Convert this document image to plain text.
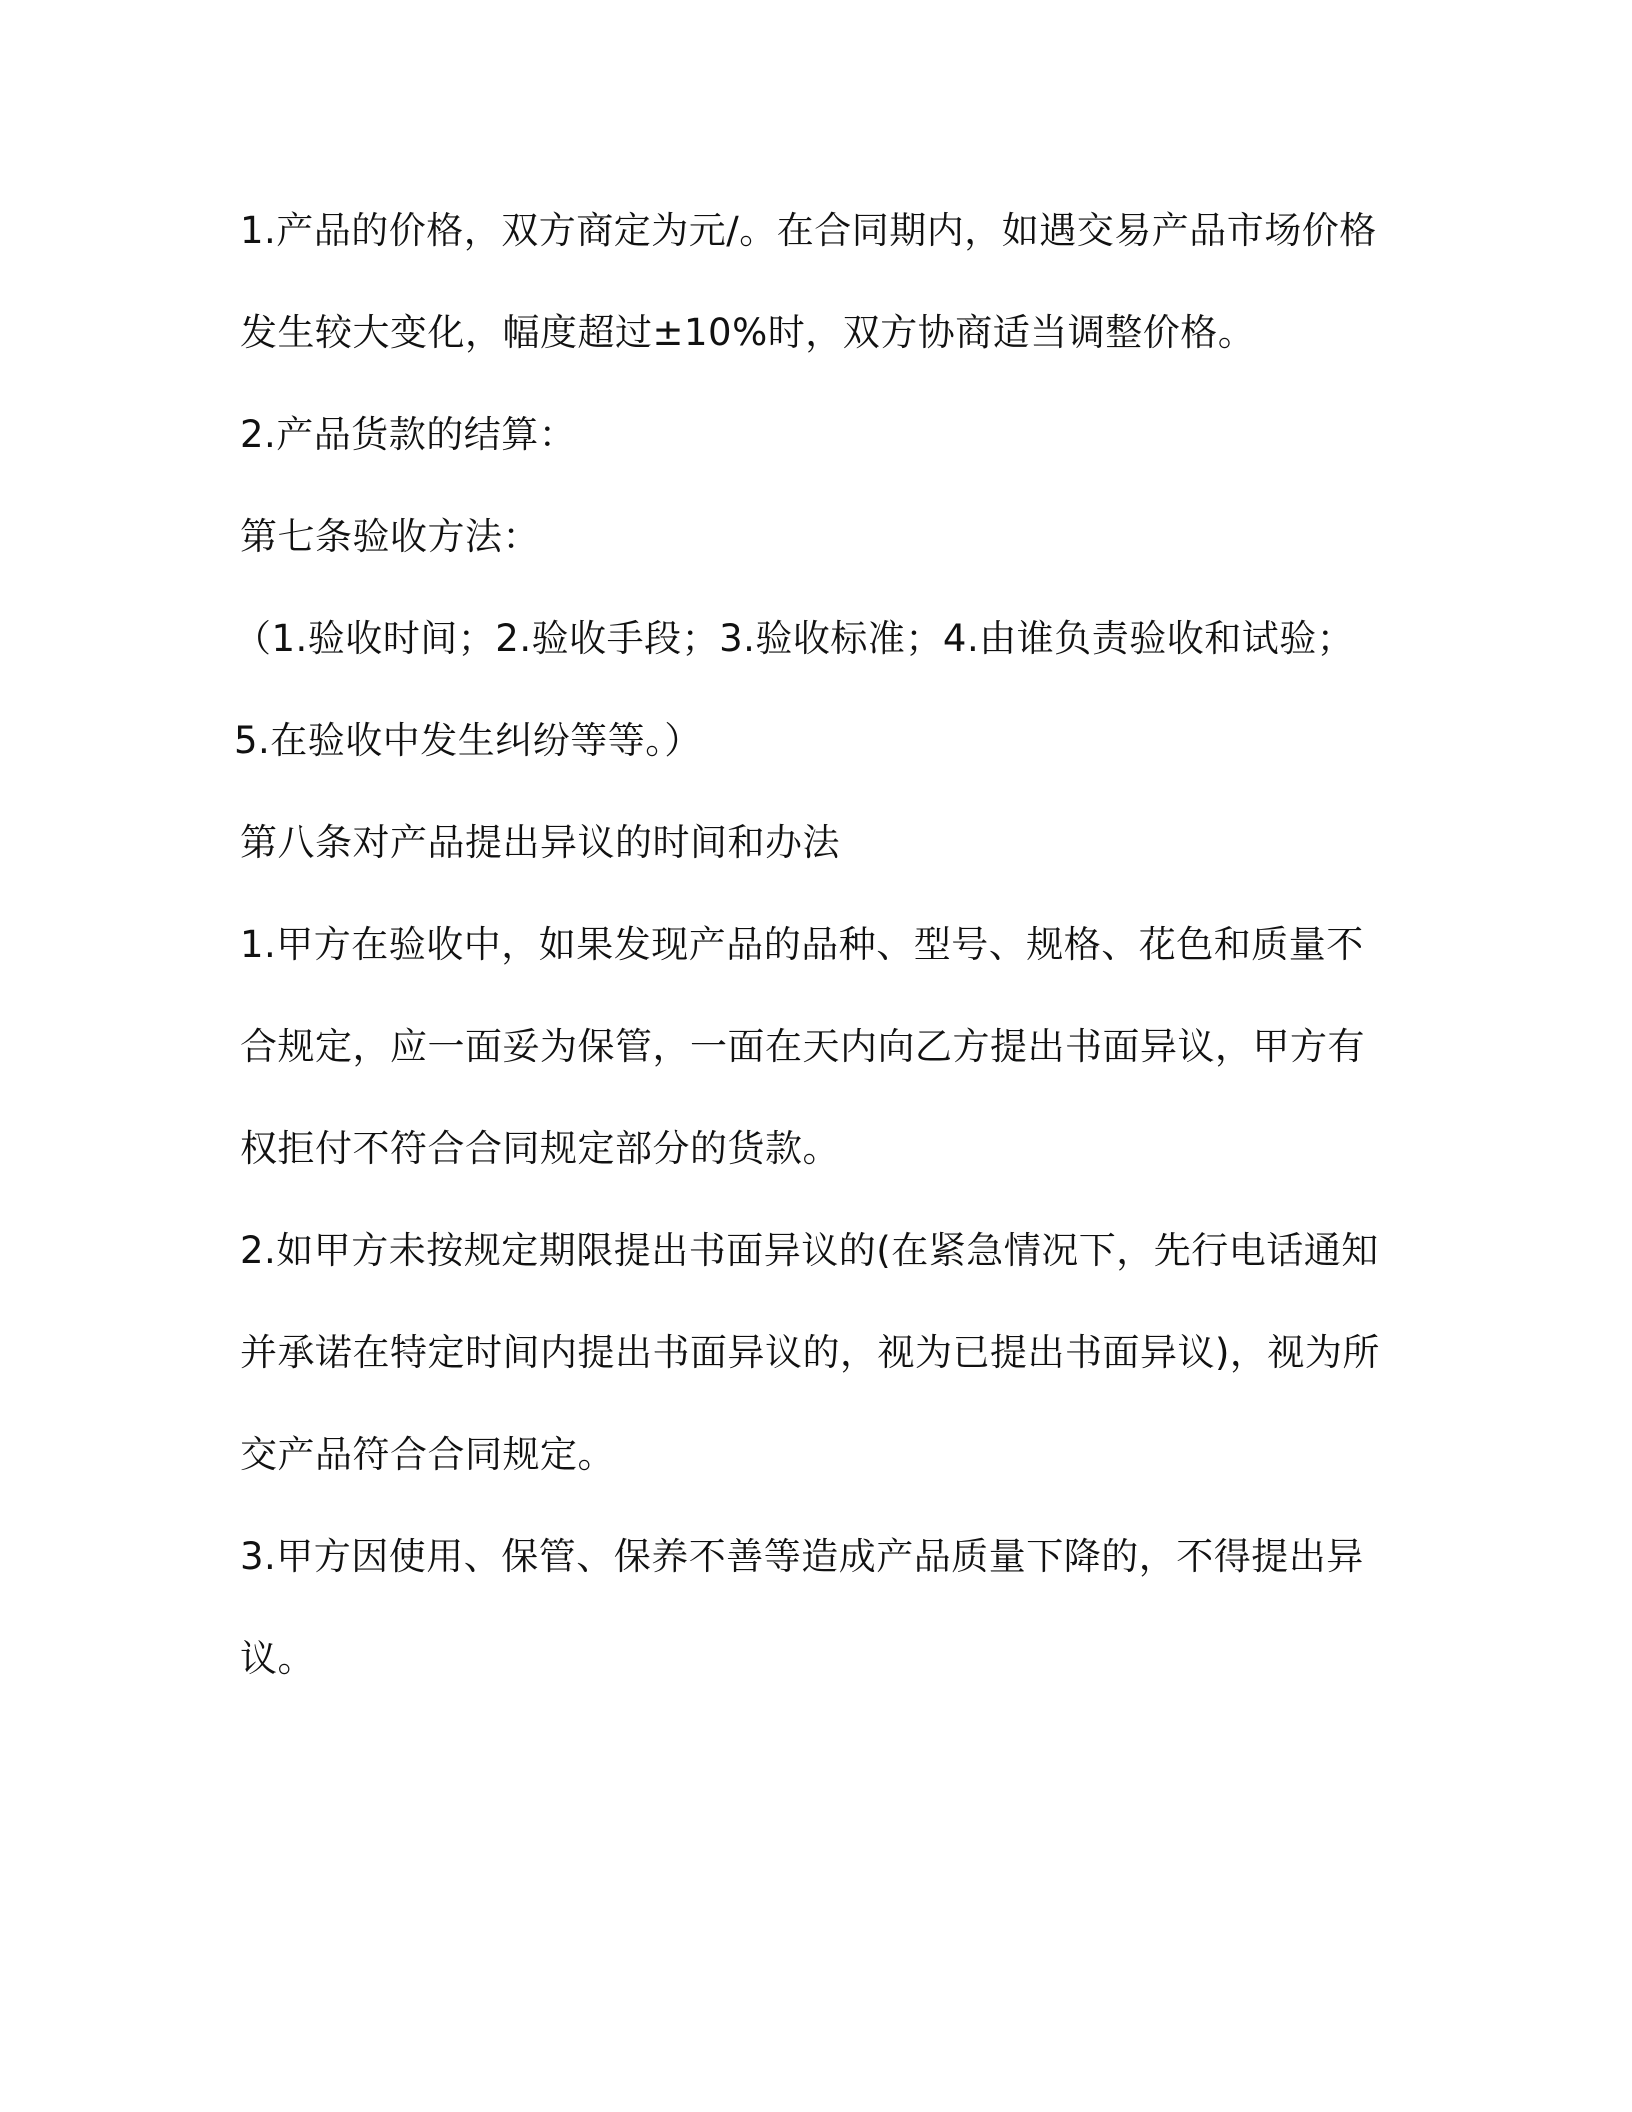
1.产品的价格，双方商定为元/。在合同期内，如遇交易产品市场价格发生较大变化，幅度超过±10%时，双方协商适当调整价格。

2.产品货款的结算：

第七条验收方法：

（1.验收时间；2.验收手段；3.验收标准；4.由谁负责验收和试验；5.在验收中发生纠纷等等。）

第八条对产品提出异议的时间和办法

1.甲方在验收中，如果发现产品的品种、型号、规格、花色和质量不合规定，应一面妥为保管，一面在天内向乙方提出书面异议，甲方有权拒付不符合合同规定部分的货款。

2.如甲方未按规定期限提出书面异议的(在紧急情况下，先行电话通知并承诺在特定时间内提出书面异议的，视为已提出书面异议)，视为所交产品符合合同规定。

3.甲方因使用、保管、保养不善等造成产品质量下降的，不得提出异议。
